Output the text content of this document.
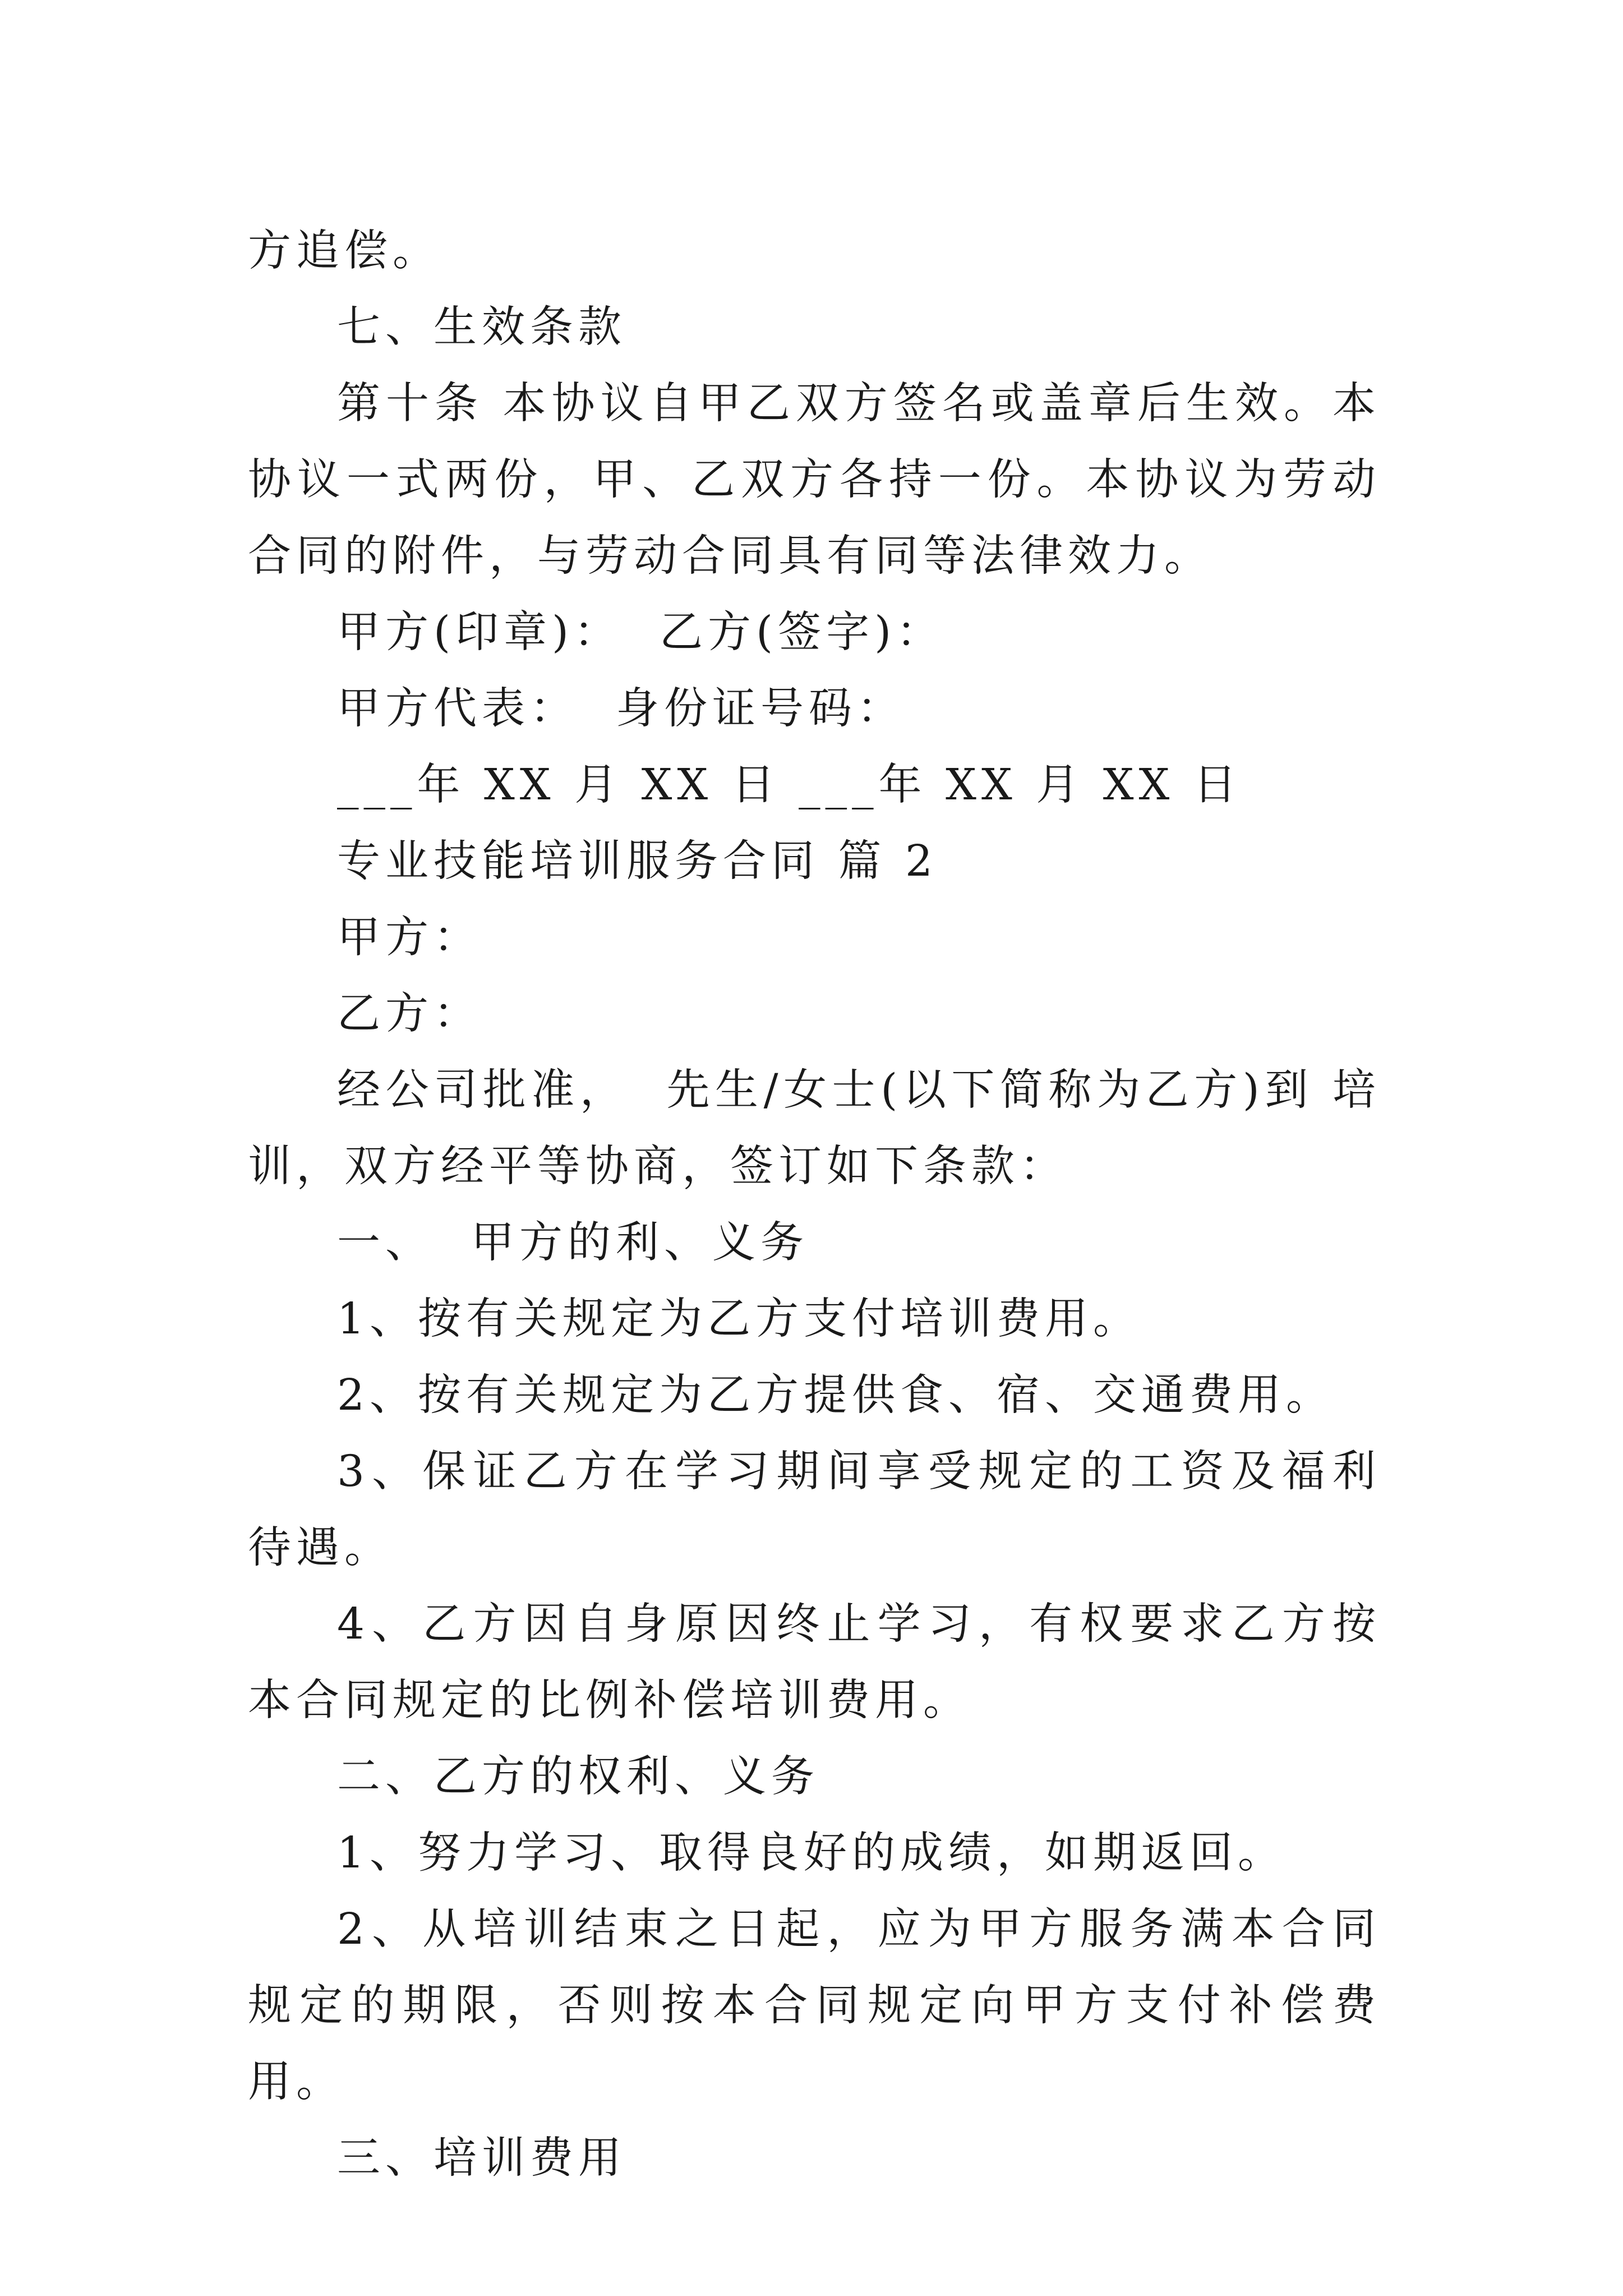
方追偿。

七、生效条款

第十条 本协议自甲乙双方签名或盖章后生效。本协议一式两份，甲、乙双方各持一份。本协议为劳动合同的附件，与劳动合同具有同等法律效力。

甲方(印章)：  乙方(签字)：

甲方代表：  身份证号码：

___年 XX 月 XX 日 ___年 XX 月 XX 日

专业技能培训服务合同 篇 2

甲方：

乙方：

经公司批准，  先生/女士(以下简称为乙方)到 培训，双方经平等协商，签订如下条款：

一、  甲方的利、义务

1、按有关规定为乙方支付培训费用。

2、按有关规定为乙方提供食、宿、交通费用。

3、保证乙方在学习期间享受规定的工资及福利待遇。

4、乙方因自身原因终止学习，有权要求乙方按本合同规定的比例补偿培训费用。

二、乙方的权利、义务

1、努力学习、取得良好的成绩，如期返回。

2、从培训结束之日起，应为甲方服务满本合同规定的期限，否则按本合同规定向甲方支付补偿费用。

三、培训费用
